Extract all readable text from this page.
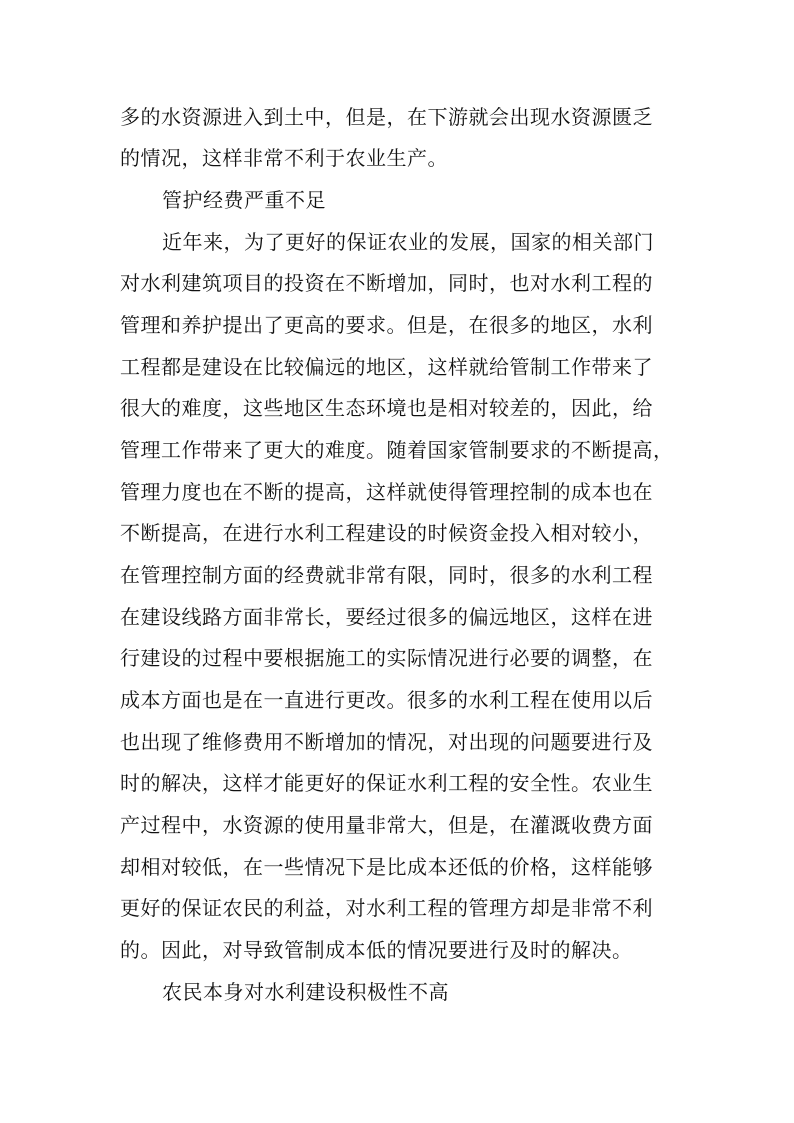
多的水资源进入到土中，但是，在下游就会出现水资源匮乏
的情况，这样非常不利于农业生产。
管护经费严重不足
近年来，为了更好的保证农业的发展，国家的相关部门
对水利建筑项目的投资在不断增加，同时，也对水利工程的
管理和养护提出了更高的要求。但是，在很多的地区，水利
工程都是建设在比较偏远的地区，这样就给管制工作带来了
很大的难度，这些地区生态环境也是相对较差的，因此，给
管理工作带来了更大的难度。随着国家管制要求的不断提高，
管理力度也在不断的提高，这样就使得管理控制的成本也在
不断提高，在进行水利工程建设的时候资金投入相对较小，
在管理控制方面的经费就非常有限，同时，很多的水利工程
在建设线路方面非常长，要经过很多的偏远地区，这样在进
行建设的过程中要根据施工的实际情况进行必要的调整，在
成本方面也是在一直进行更改。很多的水利工程在使用以后
也出现了维修费用不断增加的情况，对出现的问题要进行及
时的解决，这样才能更好的保证水利工程的安全性。农业生
产过程中，水资源的使用量非常大，但是，在灌溉收费方面
却相对较低，在一些情况下是比成本还低的价格，这样能够
更好的保证农民的利益，对水利工程的管理方却是非常不利
的。因此，对导致管制成本低的情况要进行及时的解决。
农民本身对水利建设积极性不高
